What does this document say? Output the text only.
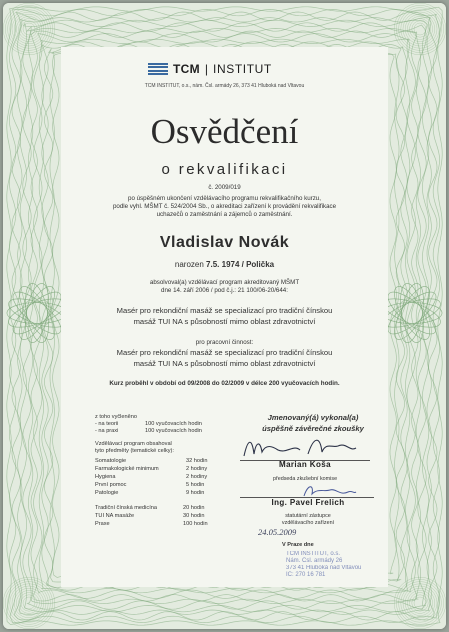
TCM | INSTITUT
TCM INSTITUT, o.s., nám. Čsl. armády 26, 373 41 Hluboká nad Vltavou
Osvědčení
o rekvalifikaci
č. 2009/019
po úspěšném ukončení vzdělávacího programu rekvalifikačního kurzu,
podle vyhl. MŠMT č. 524/2004 Sb., o akreditaci zařízení k provádění rekvalifikace
uchazečů o zaměstnání a zájemců o zaměstnání.
Vladislav Novák
narozen 7.5. 1974 / Polička
absolvoval(a) vzdělávací program akreditovaný MŠMT
dne 14. září 2006 / pod č.j.: 21 100/06-20/644:
Masér pro rekondiční masáž se specializací pro tradiční čínskou
masáž TUI NA s působností mimo oblast zdravotnictví
pro pracovní činnost:
Masér pro rekondiční masáž se specializací pro tradiční čínskou
masáž TUI NA s působností mimo oblast zdravotnictví
Kurz proběhl v období od 09/2008 do 02/2009 v délce 200 vyučovacích hodin.
z toho vyčleněno
- na teorii	100 vyučovacích hodin
- na praxi	100 vyučovacích hodin
Vzdělávací program obsahoval
tyto předměty (tematické celky):
Somatologie	32 hodin
Farmakologické minimum	2 hodiny
Hygiena	2 hodiny
První pomoc	5 hodin
Patologie	9 hodin
Tradiční čínská medicína	20 hodin
TUI NA masáže	30 hodin
Praxe	100 hodin
Jmenovaný(á) vykonal(a)
úspěšně závěrečné zkoušky
Marian Koša
předseda zkušební komise
Ing. Pavel Frelich
statutární zástupce
vzdělávacího zařízení
24.05.2009
V Praze dne
TCM INSTITUT, o.s.
Nám. Čsl. armády 26
373 41 Hluboká nad Vltavou
IČ: 270 16 781
